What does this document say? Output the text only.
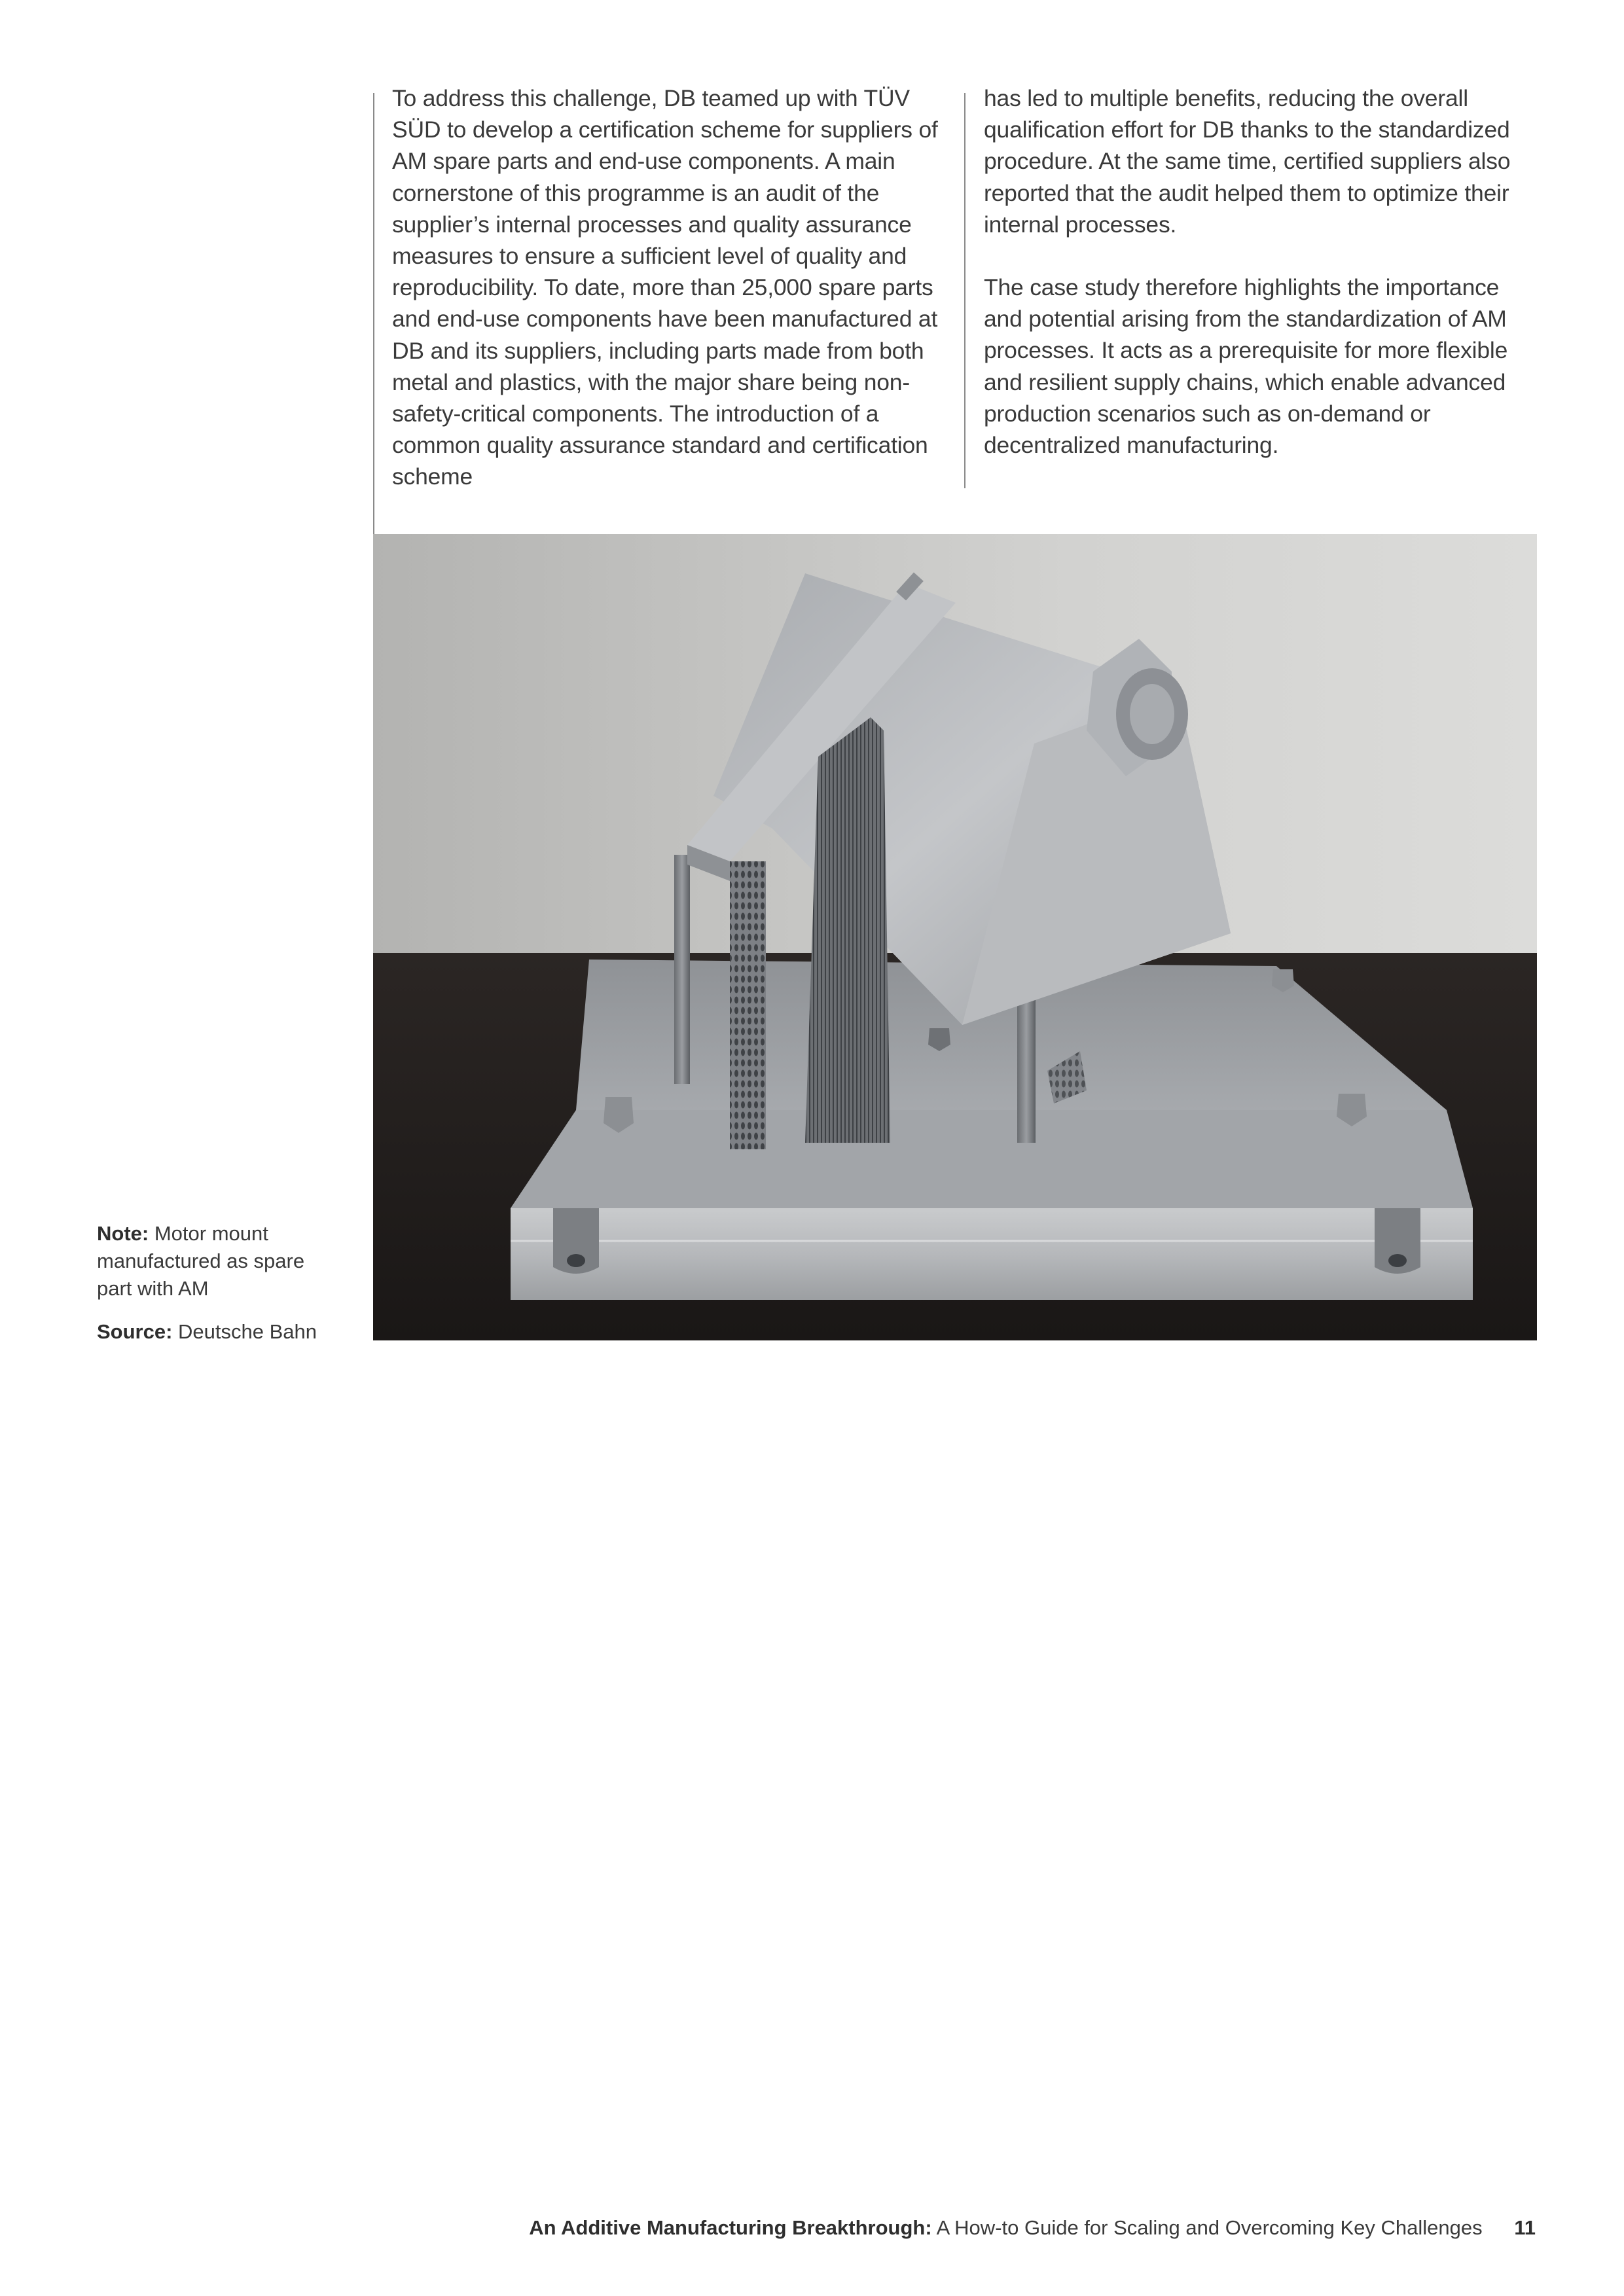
To address this challenge, DB teamed up with TÜV SÜD to develop a certification scheme for suppliers of AM spare parts and end-use components. A main cornerstone of this programme is an audit of the supplier’s internal processes and quality assurance measures to ensure a sufficient level of quality and reproducibility. To date, more than 25,000 spare parts and end-use components have been manufactured at DB and its suppliers, including parts made from both metal and plastics, with the major share being non-safety-critical components. The introduction of a common quality assurance standard and certification scheme

has led to multiple benefits, reducing the overall qualification effort for DB thanks to the standardized procedure. At the same time, certified suppliers also reported that the audit helped them to optimize their internal processes.

The case study therefore highlights the importance and potential arising from the standardization of AM processes. It acts as a prerequisite for more flexible and resilient supply chains, which enable advanced production scenarios such as on-demand or decentralized manufacturing.

Note: Motor mount manufactured as spare part with AM
Source: Deutsche Bahn
An Additive Manufacturing Breakthrough: A How-to Guide for Scaling and Overcoming Key Challenges 11
